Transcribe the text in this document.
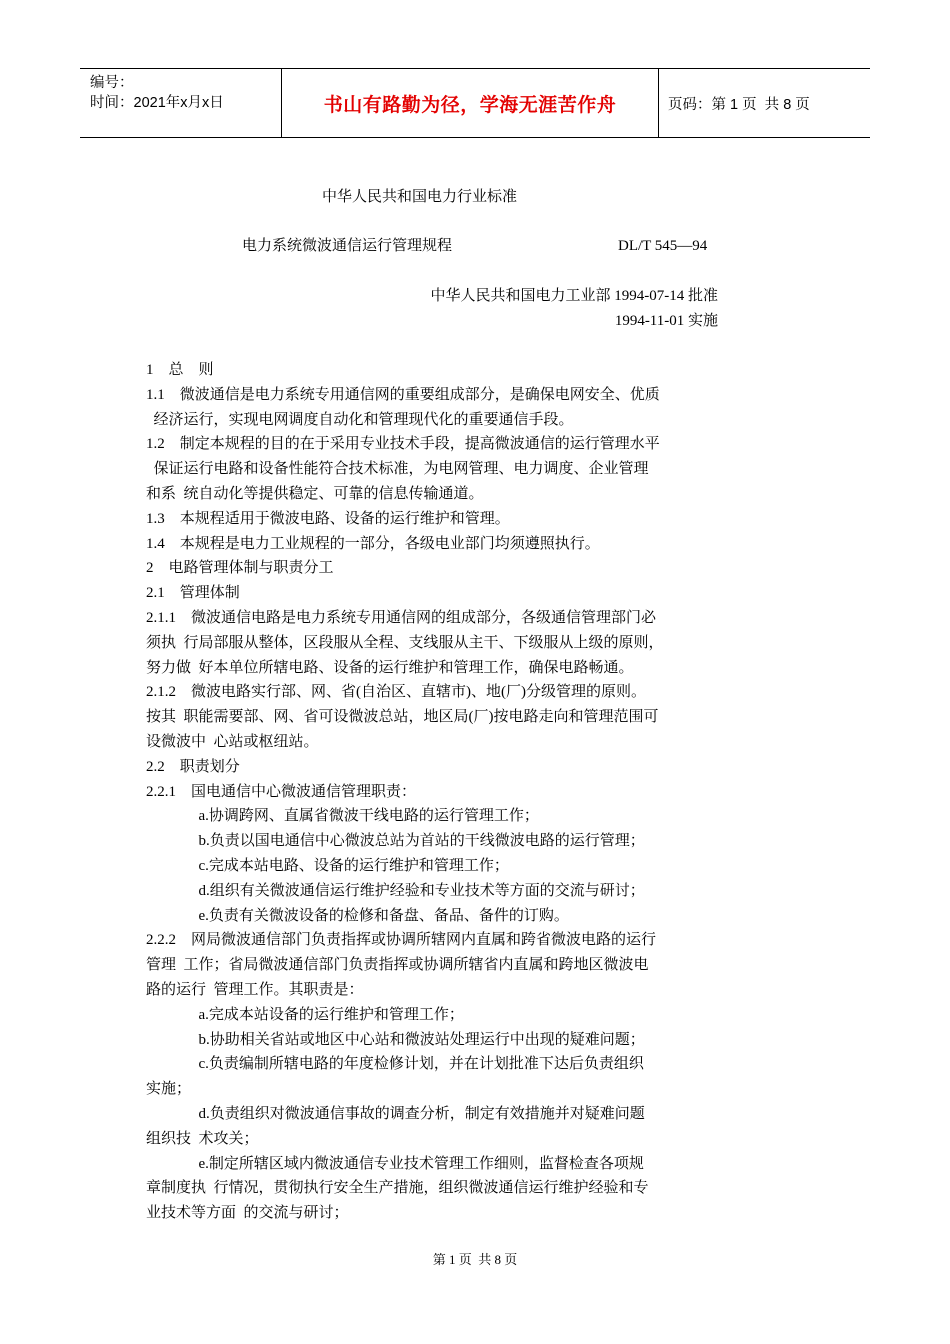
编号：
时间：2021年x月x日	书山有路勤为径，学海无涯苦作舟	页码：第 1 页  共 8 页
中华人民共和国电力行业标准
电力系统微波通信运行管理规程	DL/T 545—94
中华人民共和国电力工业部 1994-07-14 批准
1994-11-01 实施
1    总    则
1.1    微波通信是电力系统专用通信网的重要组成部分，是确保电网安全、优质
经济运行，实现电网调度自动化和管理现代化的重要通信手段。
1.2    制定本规程的目的在于采用专业技术手段，提高微波通信的运行管理水平
保证运行电路和设备性能符合技术标准，为电网管理、电力调度、企业管理
和系  统自动化等提供稳定、可靠的信息传输通道。
1.3    本规程适用于微波电路、设备的运行维护和管理。
1.4    本规程是电力工业规程的一部分，各级电业部门均须遵照执行。
2    电路管理体制与职责分工
2.1    管理体制
2.1.1    微波通信电路是电力系统专用通信网的组成部分，各级通信管理部门必
须执  行局部服从整体，区段服从全程、支线服从主干、下级服从上级的原则，
努力做  好本单位所辖电路、设备的运行维护和管理工作，确保电路畅通。
2.1.2    微波电路实行部、网、省(自治区、直辖市)、地(厂)分级管理的原则。
按其  职能需要部、网、省可设微波总站，地区局(厂)按电路走向和管理范围可
设微波中  心站或枢纽站。
2.2    职责划分
2.2.1    国电通信中心微波通信管理职责：
a.协调跨网、直属省微波干线电路的运行管理工作；
b.负责以国电通信中心微波总站为首站的干线微波电路的运行管理；
c.完成本站电路、设备的运行维护和管理工作；
d.组织有关微波通信运行维护经验和专业技术等方面的交流与研讨；
e.负责有关微波设备的检修和备盘、备品、备件的订购。
2.2.2    网局微波通信部门负责指挥或协调所辖网内直属和跨省微波电路的运行
管理  工作；省局微波通信部门负责指挥或协调所辖省内直属和跨地区微波电
路的运行  管理工作。其职责是：
a.完成本站设备的运行维护和管理工作；
b.协助相关省站或地区中心站和微波站处理运行中出现的疑难问题；
c.负责编制所辖电路的年度检修计划，并在计划批准下达后负责组织
实施；
d.负责组织对微波通信事故的调查分析，制定有效措施并对疑难问题
组织技  术攻关；
e.制定所辖区域内微波通信专业技术管理工作细则，监督检查各项规
章制度执  行情况，贯彻执行安全生产措施，组织微波通信运行维护经验和专
业技术等方面  的交流与研讨；
第 1 页  共 8 页
